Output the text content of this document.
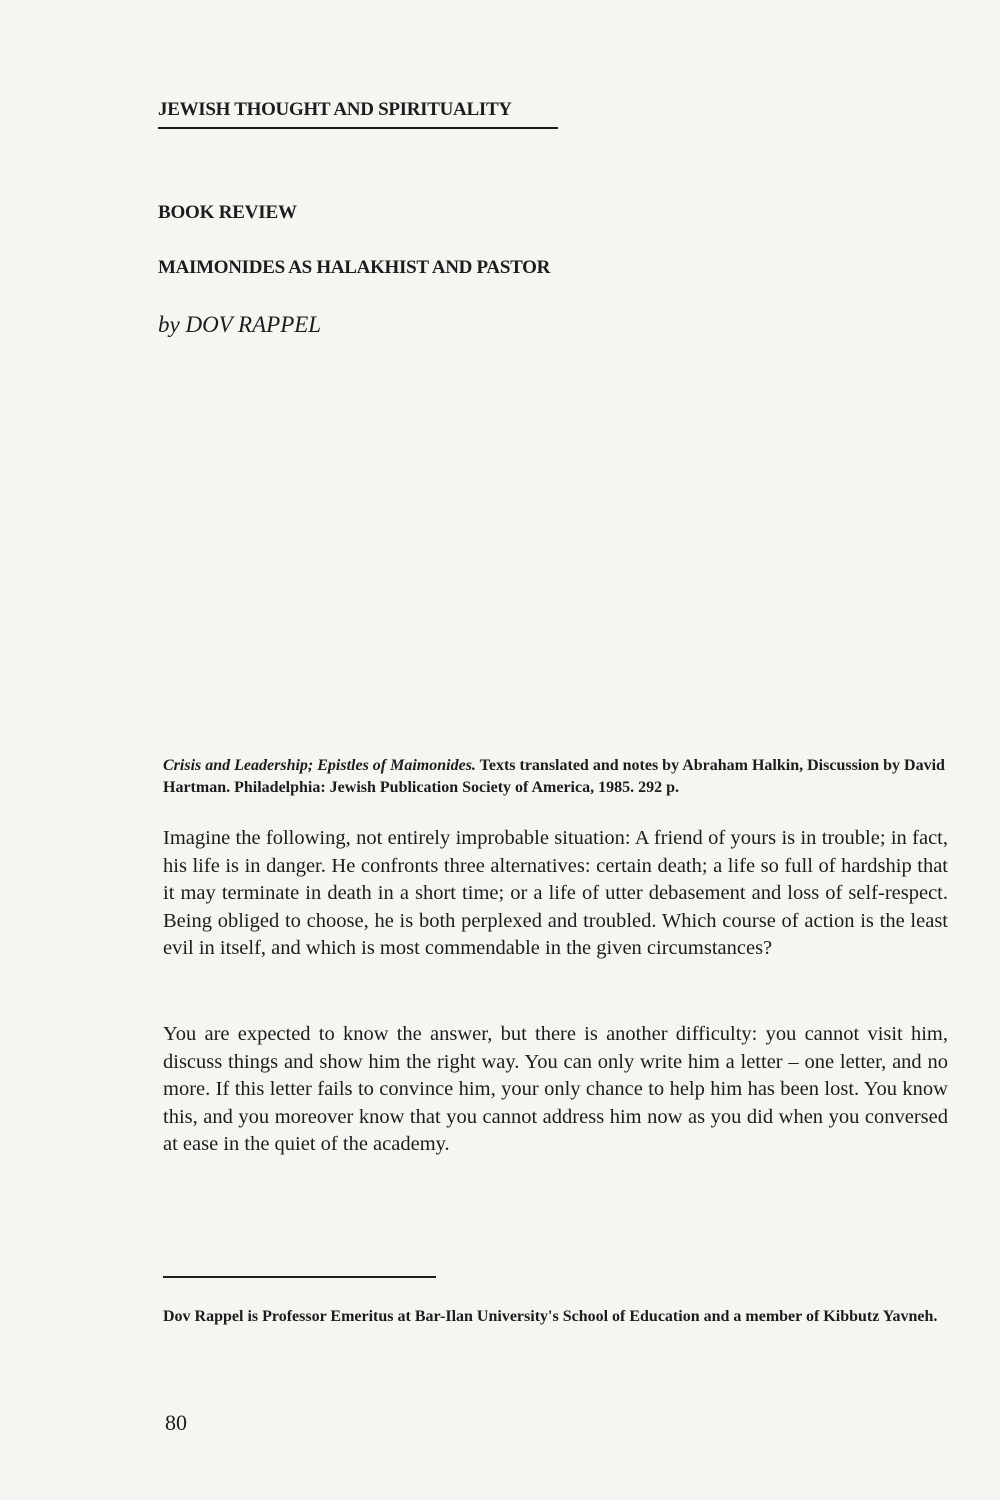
JEWISH THOUGHT AND SPIRITUALITY
BOOK REVIEW
MAIMONIDES AS HALAKHIST AND PASTOR
by DOV RAPPEL
Crisis and Leadership; Epistles of Maimonides. Texts translated and notes by Abraham Halkin, Discussion by David Hartman. Philadelphia: Jewish Publication Society of America, 1985. 292 p.

Imagine the following, not entirely improbable situation: A friend of yours is in trouble; in fact, his life is in danger. He confronts three alternatives: certain death; a life so full of hardship that it may terminate in death in a short time; or a life of utter debasement and loss of self-respect. Being obliged to choose, he is both perplexed and troubled. Which course of action is the least evil in itself, and which is most commendable in the given circumstances?

You are expected to know the answer, but there is another difficulty: you cannot visit him, discuss things and show him the right way. You can only write him a letter – one letter, and no more. If this letter fails to convince him, your only chance to help him has been lost. You know this, and you moreover know that you cannot address him now as you did when you conversed at ease in the quiet of the academy.

Dov Rappel is Professor Emeritus at Bar-Ilan University's School of Education and a member of Kibbutz Yavneh.
80
